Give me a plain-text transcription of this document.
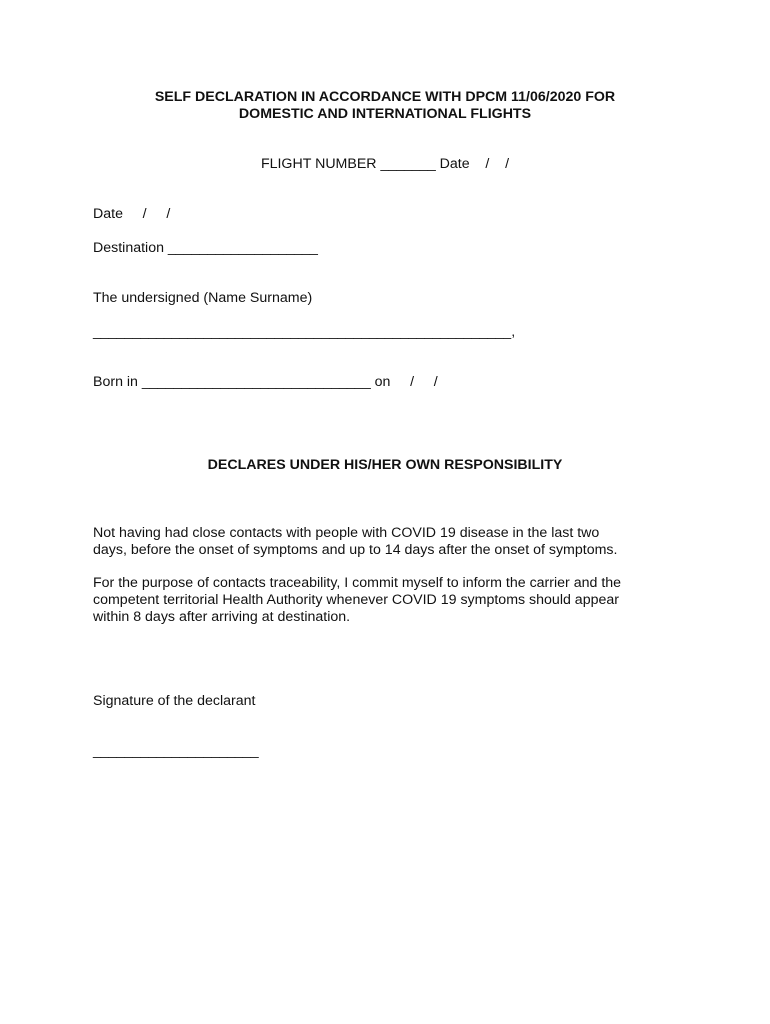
SELF DECLARATION IN ACCORDANCE WITH DPCM 11/06/2020 FOR
DOMESTIC AND INTERNATIONAL FLIGHTS
FLIGHT NUMBER _______ Date    /    /
Date     /     /
Destination ___________________
The undersigned (Name Surname)
_____________________________________________________,
Born in _____________________________ on     /     /
DECLARES UNDER HIS/HER OWN RESPONSIBILITY
Not having had close contacts with people with COVID 19 disease in the last two
days, before the onset of symptoms and up to 14 days after the onset of symptoms.
For the purpose of contacts traceability, I commit myself to inform the carrier and the
competent territorial Health Authority whenever COVID 19 symptoms should appear
within 8 days after arriving at destination.
Signature of the declarant
_____________________
